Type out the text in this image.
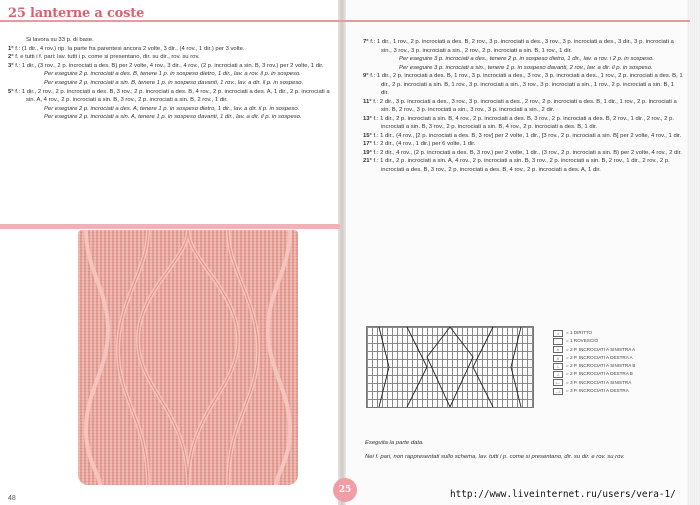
25 lanterne a coste

Si lavora su 33 p. di base.

1° f.: (1 dir., 4 rov.) rip. la parte fra parentesi ancora 2 volte, 3 dir., (4 rov., 1 dir.) per 3 volte.

2° f. e tutti i f. pari: lav. tutti i p. come si presentano, dir. su dir., rov. su rov.

3° f.: 1 dir., (3 rov., 2 p. incrociati a des. B) per 2 volte, 4 rov., 3 dir., 4 rov., (2 p. incrociati a sin. B, 3 rov.) per 2 volte, 1 dir.

Per eseguire 2 p. incrociati a des. B, tenere 1 p. in sospeso dietro, 1 dir., lav. a rov. il p. in sospeso.

Per eseguire 2 p. incrociati a sin. B, tenere 1 p. in sospeso davanti, 1 rov., lav. a dir. il p. in sospeso.

5° f.: 1 dir., 2 rov., 2 p. incrociati a des. B, 3 rov., 2 p. incrociati a des. B, 4 rov., 2 p. incrociati a des. A, 1 dir., 2 p. incrociati a sin. A, 4 rov., 2 p. incrociati a sin. B, 3 rov., 2 p. incrociati a sin. B, 2 rov., 1 dir.

Per eseguire 2 p. incrociati a des. A, tenere 1 p. in sospeso dietro, 1 dir., lav. a dir. il p. in sospeso.

Per eseguire 2 p. incrociati a sin. A, tenere 1 p. in sospeso davanti, 1 dir., lav. a dir. il p. in sospeso.

7° f.: 1 dir., 1 rov., 2 p. incrociati a des. B, 2 rov., 3 p. incrociati a des., 3 rov., 3 p. incrociati a des., 3 dir., 3 p. incrociati a sin., 3 rov., 3 p. incrociati a sin., 2 rov., 2 p. incrociati a sin. B, 1 rov., 1 dir.

Per eseguire 3 p. incrociati a des., tenere 2 p. in sospeso dietro, 1 dir., lav. a rov. i 2 p. in sospeso.

Per eseguire 3 p. incrociati a sin., tenere 1 p. in sospeso davanti, 2 rov., lav. a dir. il p. in sospeso.

9° f.: 1 dir., 2 p. incrociati a des. B, 1 rov., 3 p. incrociati a des., 3 rov., 3 p. incrociati a des., 1 rov., 2 p. incrociati a des. B, 1 dir., 2 p. incrociati a sin. B, 1 rov., 3 p. incrociati a sin., 3 rov., 3 p. incrociati a sin., 1 rov., 2 p. incrociati a sin. B, 1 dir.

11° f.: 2 dir., 3 p. incrociati a des., 3 rov., 3 p. incrociati a des., 2 rov., 2 p. incrociati a des. B, 1 dir., 1 rov., 2 p. incrociati a sin. B, 2 rov., 3 p. incrociati a sin., 3 rov., 3 p. incrociati a sin., 2 dir.

13° f.: 1 dir., 2 p. incrociati a sin. B, 4 rov., 2 p. incrociati a des. B, 3 rov., 2 p. incrociati a des. B, 2 rov., 1 dir., 2 rov., 2 p. incrociati a sin. B, 3 rov., 2 p. incrociati a sin. B, 4 rov., 2 p. incrociati a des. B, 1 dir.

15° f.: 1 dir., (4 rov., [2 p. incrociati a des. B, 3 rov] per 2 volte, 1 dir., [3 rov., 2 p. incrociati a sin. B] per 2 volte, 4 rov., 1 dir.

17° f.: 2 dir., (4 rov., 1 dir.) per 6 volte, 1 dir.

19° f.: 2 dir., 4 rov., (2 p. incrociati a des. B, 3 rov.) per 2 volte, 1 dir., (3 rov., 2 p. incrociati a sin. B) per 2 volte, 4 rov., 2 dir.

21° f.: 1 dir., 2 p. incrociati a sin. A, 4 rov., 2 p. incrociati a sin. B, 3 rov., 2 p. incrociati a sin. B, 2 rov., 1 dir., 2 rov., 2 p. incrociati a des. B, 3 rov., 2 p. incrociati a des. B, 4 rov., 2 p. incrociati a des. A, 1 dir.

I	= 1 DIRITTO
-	= 1 ROVESCIO
//	= 2 P. INCROCIATI A SINISTRA A
\\	= 2 P. INCROCIATI A DESTRA A
/-	= 2 P. INCROCIATI A SINISTRA B
-\	= 2 P. INCROCIATI A DESTRA B
/--	= 3 P. INCROCIATI A SINISTRA
--\	= 3 P. INCROCIATI A DESTRA

Eseguita la parte data.

Nei f. pari, non rappresentati sullo schema, lav. tutti i p. come si presentano, dir. su dir. e rov. su rov.

48
25	http://www.liveinternet.ru/users/vera-1/
